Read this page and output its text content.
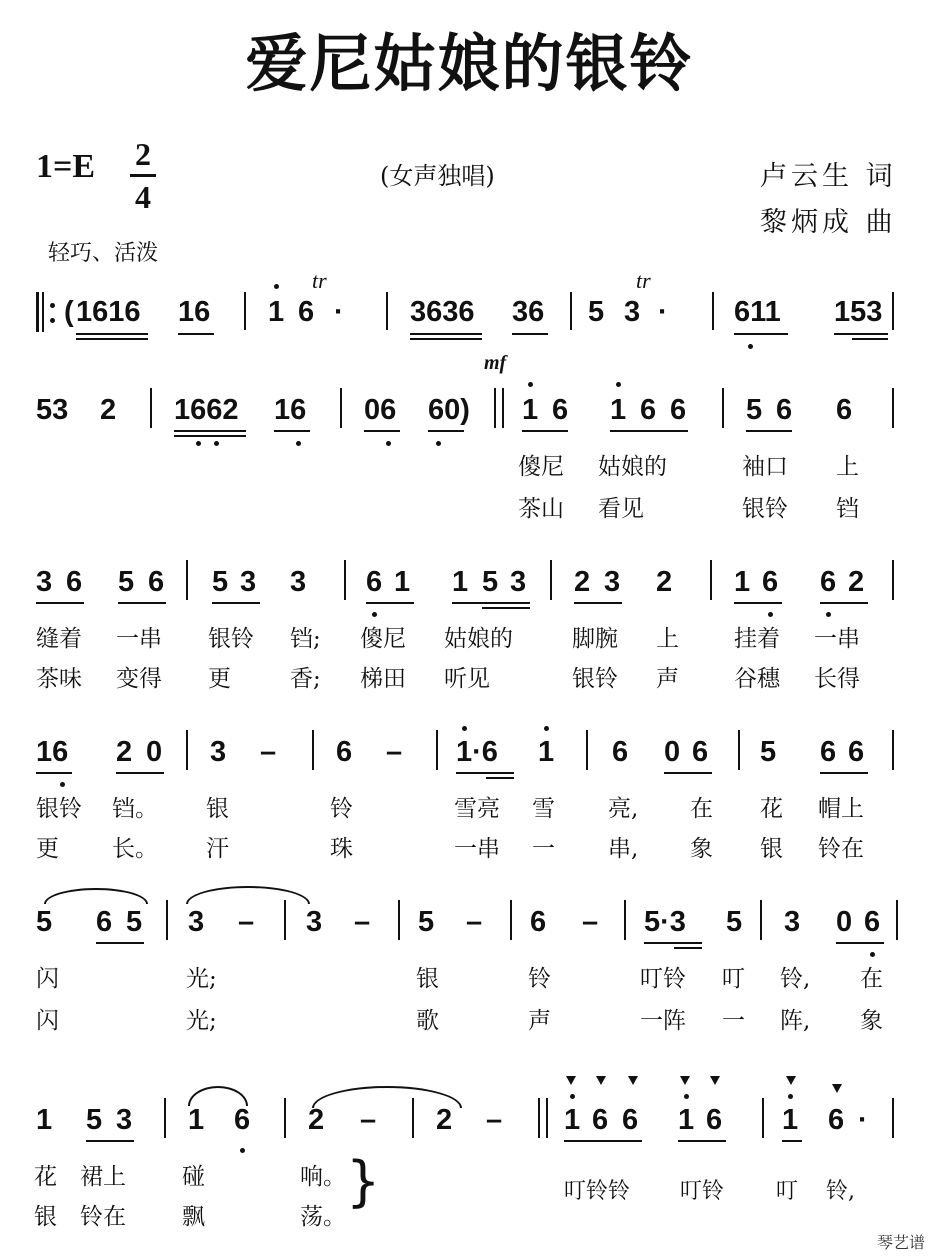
爱尼姑娘的银铃
1=E	2
4
(女声独唱)	卢云生 词
黎炳成 曲
轻巧、活泼
tr	tr
mf
( 1616 16 1 6 · 3636 36 5 3 · 611 153
53 2 1662 16 06 60) 1 6 1 6 6 5 6 6
傻尼 姑娘的	袖口 上
茶山 看见	银铃 铛
3 6 5 6 5 3 3 6 1 1 5 3 2 3 2 1 6 6 2
缝着 一串 银铃 铛; 傻尼 姑娘的	脚腕 上 挂着 一串
茶味 变得 更	香; 梯田 听见	银铃 声 谷穗 长得
16 2 0 3 – 6 – 1·6 1 6 0 6 5 6 6
银铃 铛。 银	铃	雪亮 雪 亮, 在 花 帽上
更 长。 汗	珠	一串 一 串, 象 银 铃在
5 6 5 3 – 3 – 5 – 6 – 5·3 5 3 0 6
闪	光;	银	铃	叮铃 叮 铃, 在
闪	光;	歌	声	一阵 一 阵, 象
1 5 3 1 6 2 – 2 – 1 6 6 1 6 1 6 ·
花 裙上 碰	响。
银 铃在 飘	荡。
}	叮铃铃 叮铃 叮 铃,
琴艺谱
